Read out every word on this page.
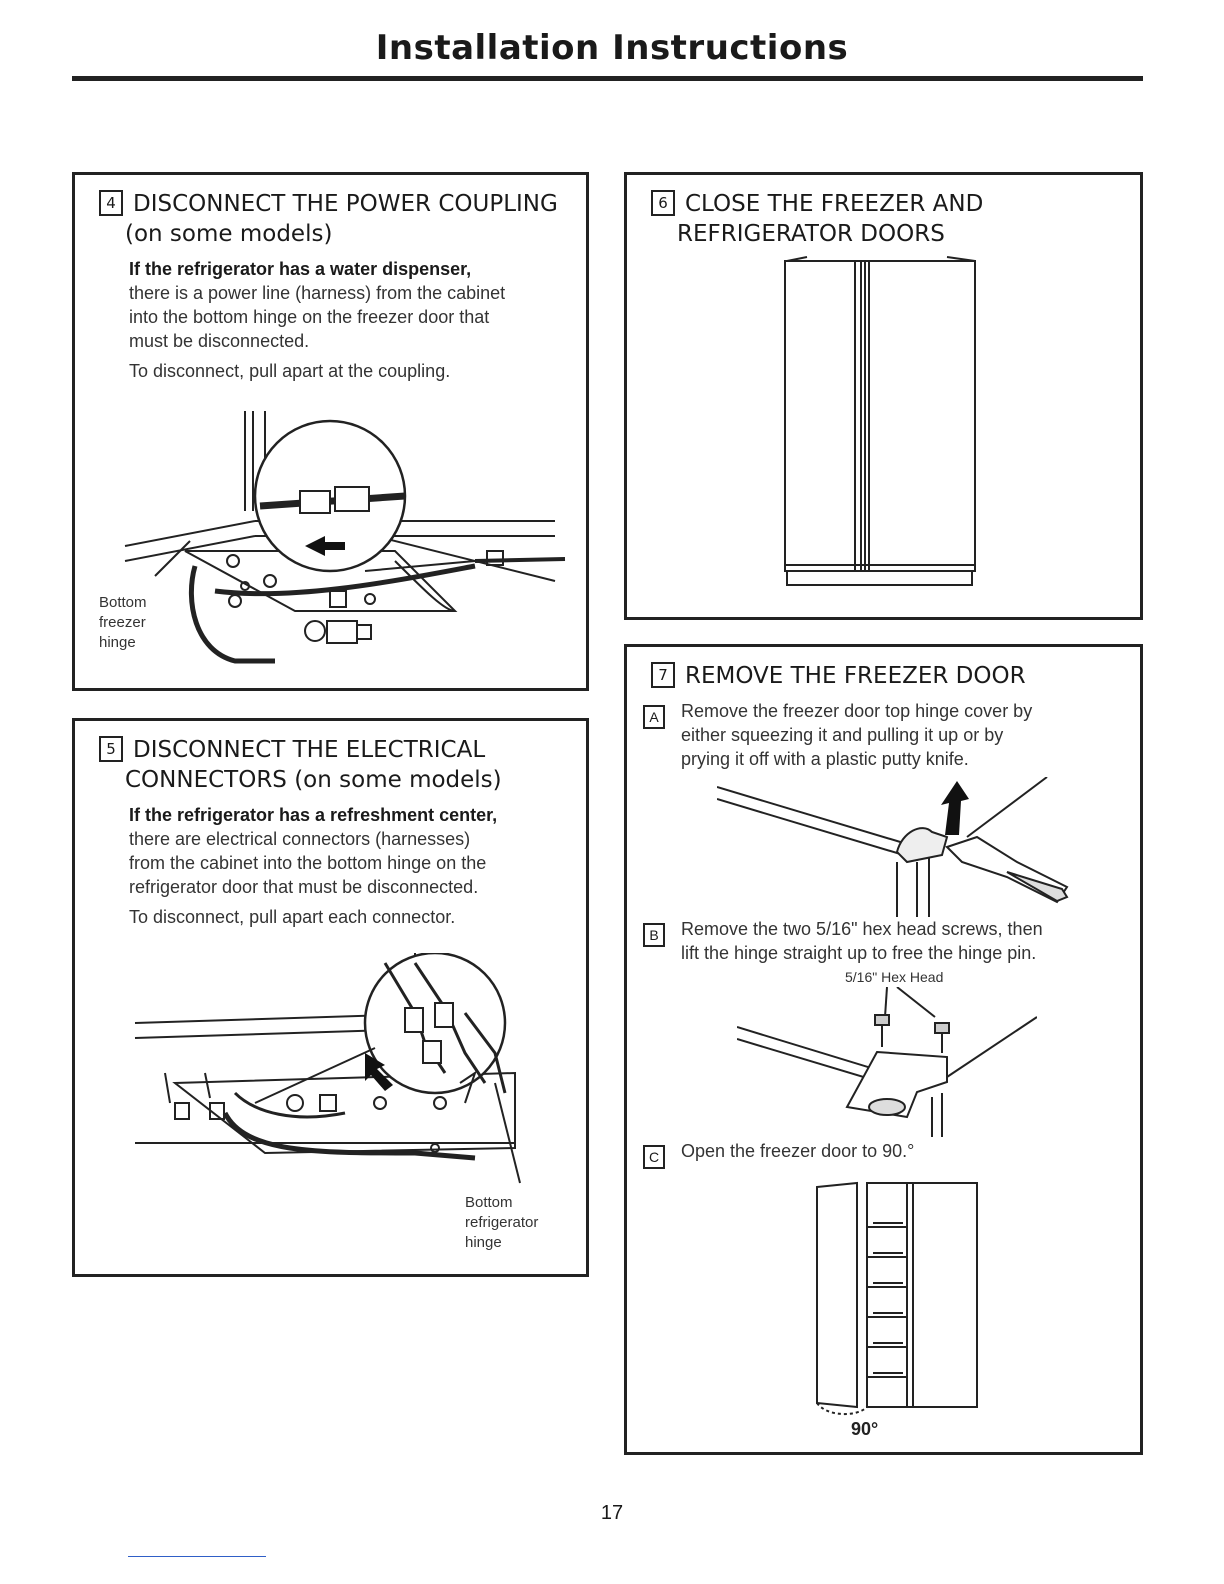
Installation Instructions
4 DISCONNECT THE POWER COUPLING
(on some models)
If the refrigerator has a water dispenser,
there is a power line (harness) from the cabinet
into the bottom hinge on the freezer door that
must be disconnected.
To disconnect, pull apart at the coupling.
Bottom
freezer
hinge
5 DISCONNECT THE ELECTRICAL
CONNECTORS (on some models)
If the refrigerator has a refreshment center,
there are electrical connectors (harnesses)
from the cabinet into the bottom hinge on the
refrigerator door that must be disconnected.
To disconnect, pull apart each connector.
Bottom
refrigerator
hinge
6 CLOSE THE FREEZER AND
REFRIGERATOR DOORS
7 REMOVE THE FREEZER DOOR
A	Remove the freezer door top hinge cover by
either squeezing it and pulling it up or by
prying it off with a plastic putty knife.
B	Remove the two 5/16" hex head screws, then
lift the hinge straight up to free the hinge pin.
5/16" Hex Head
C	Open the freezer door to 90.°
90°
17
